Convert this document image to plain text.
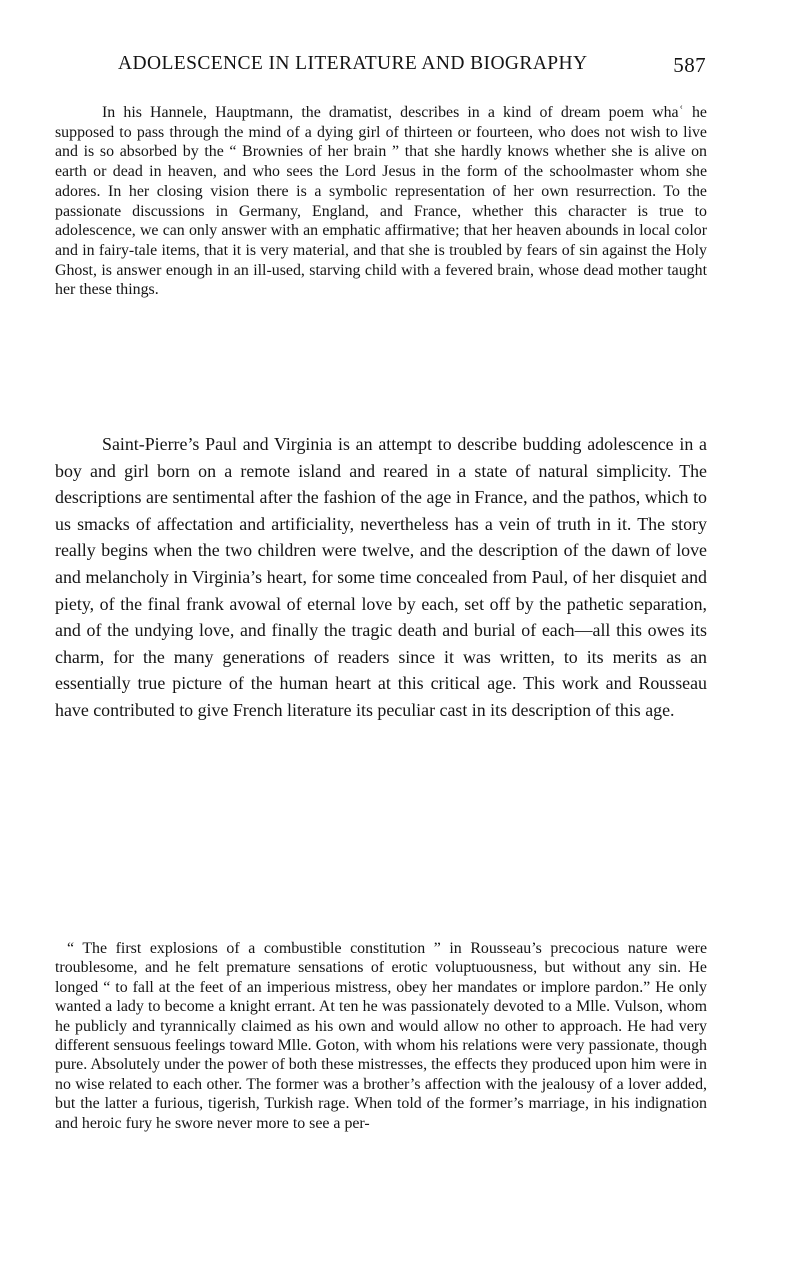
ADOLESCENCE IN LITERATURE AND BIOGRAPHY	587

In his Hannele, Hauptmann, the dramatist, describes in a kind of dream poem whaʿ he supposed to pass through the mind of a dying girl of thirteen or fourteen, who does not wish to live and is so absorbed by the “ Brownies of her brain ” that she hardly knows whether she is alive on earth or dead in heaven, and who sees the Lord Jesus in the form of the schoolmaster whom she adores. In her closing vision there is a symbolic representation of her own resurrection. To the passionate discussions in Germany, England, and France, whether this character is true to adolescence, we can only answer with an emphatic affirmative; that her heaven abounds in local color and in fairy-tale items, that it is very material, and that she is troubled by fears of sin against the Holy Ghost, is answer enough in an ill-used, starving child with a fevered brain, whose dead mother taught her these things.

Saint-Pierre’s Paul and Virginia is an attempt to describe budding adolescence in a boy and girl born on a remote island and reared in a state of natural simplicity. The descriptions are sentimental after the fashion of the age in France, and the pathos, which to us smacks of affectation and artificiality, nevertheless has a vein of truth in it. The story really begins when the two children were twelve, and the description of the dawn of love and melancholy in Virginia’s heart, for some time concealed from Paul, of her disquiet and piety, of the final frank avowal of eternal love by each, set off by the pathetic separation, and of the undying love, and finally the tragic death and burial of each—all this owes its charm, for the many generations of readers since it was written, to its merits as an essentially true picture of the human heart at this critical age. This work and Rousseau have contributed to give French literature its peculiar cast in its description of this age.

“ The first explosions of a combustible constitution ” in Rousseau’s precocious nature were troublesome, and he felt premature sensations of erotic voluptuousness, but without any sin. He longed “ to fall at the feet of an imperious mistress, obey her mandates or implore pardon.” He only wanted a lady to become a knight errant. At ten he was passionately devoted to a Mlle. Vulson, whom he publicly and tyrannically claimed as his own and would allow no other to approach. He had very different sensuous feelings toward Mlle. Goton, with whom his relations were very passionate, though pure. Absolutely under the power of both these mistresses, the effects they produced upon him were in no wise related to each other. The former was a brother’s affection with the jealousy of a lover added, but the latter a furious, tigerish, Turkish rage. When told of the former’s marriage, in his indignation and heroic fury he swore never more to see a per-
